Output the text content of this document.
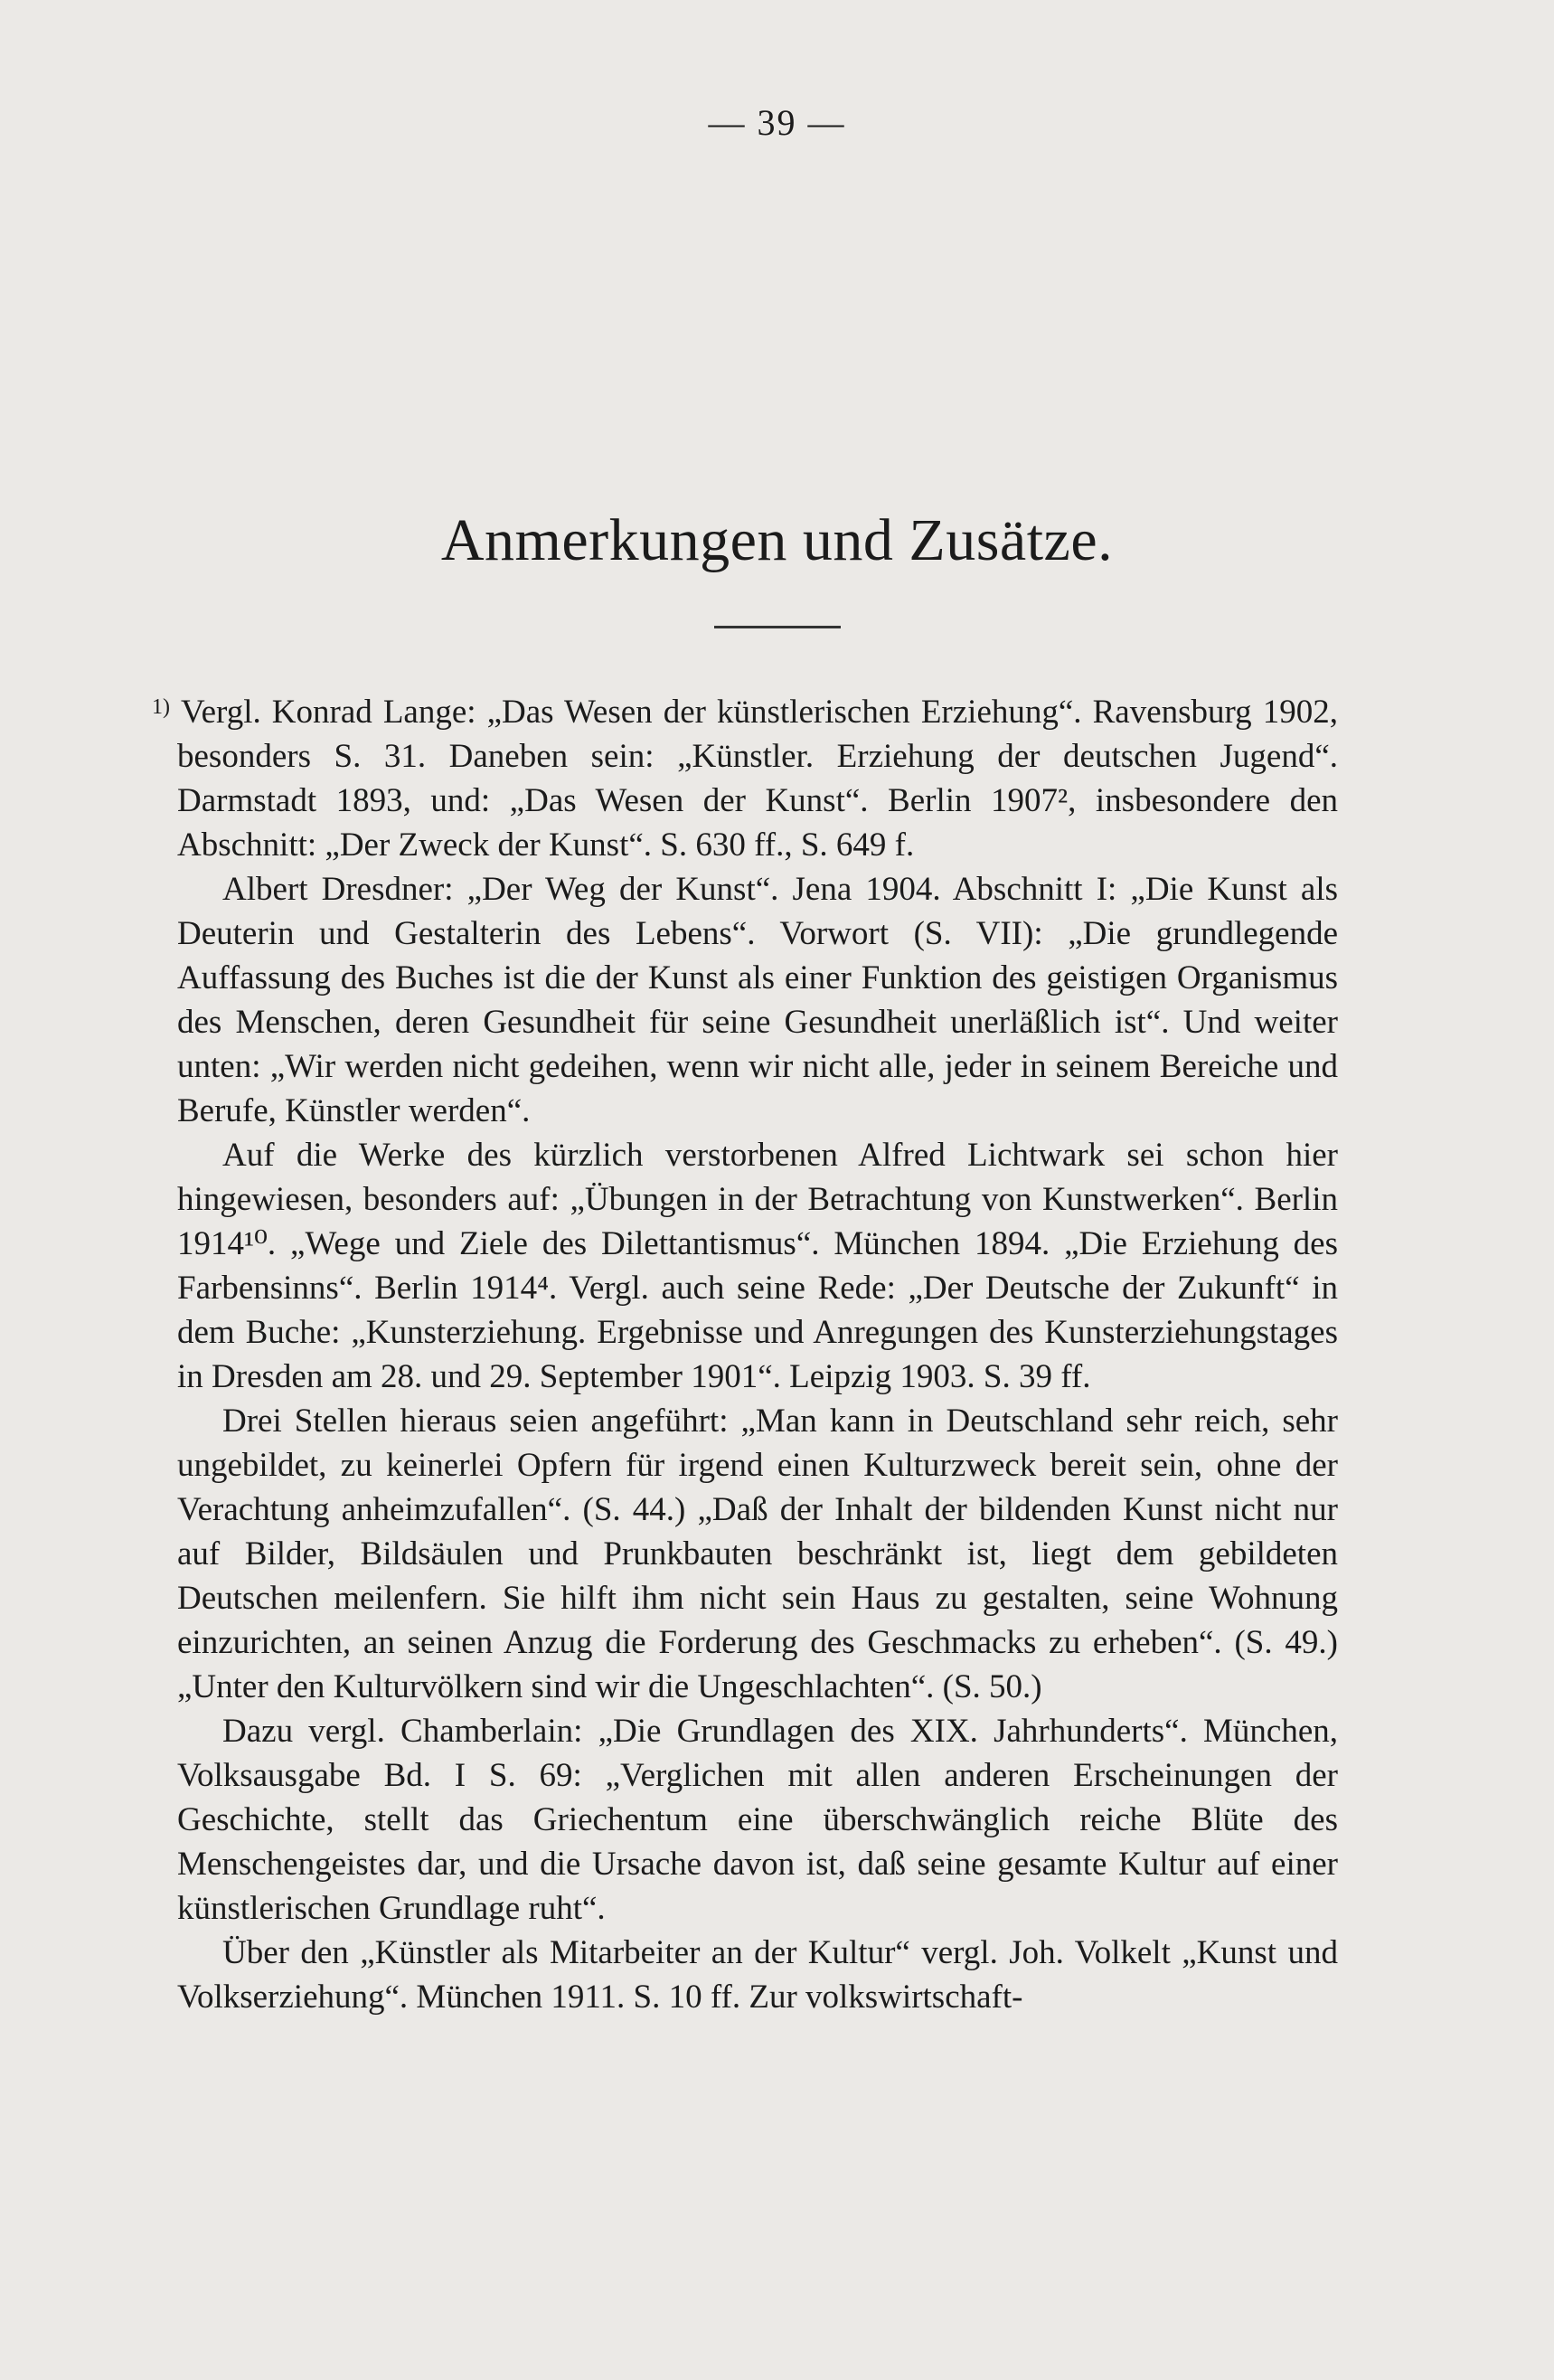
— 39 —
Anmerkungen und Zusätze.

$^{1)}$ Vergl. Konrad Lange: „Das Wesen der künstlerischen Erziehung“. Ravensburg 1902, besonders S. 31. Daneben sein: „Künstler. Erziehung der deutschen Jugend“. Darmstadt 1893, und: „Das Wesen der Kunst“. Berlin 1907², insbesondere den Abschnitt: „Der Zweck der Kunst“. S. 630 ff., S. 649 f.

Albert Dresdner: „Der Weg der Kunst“. Jena 1904. Abschnitt I: „Die Kunst als Deuterin und Gestalterin des Lebens“. Vorwort (S. VII): „Die grundlegende Auffassung des Buches ist die der Kunst als einer Funktion des geistigen Organismus des Menschen, deren Gesundheit für seine Gesundheit unerläßlich ist“. Und weiter unten: „Wir werden nicht gedeihen, wenn wir nicht alle, jeder in seinem Bereiche und Berufe, Künstler werden“.

Auf die Werke des kürzlich verstorbenen Alfred Lichtwark sei schon hier hingewiesen, besonders auf: „Übungen in der Betrachtung von Kunstwerken“. Berlin 1914¹⁰. „Wege und Ziele des Dilettantismus“. München 1894. „Die Erziehung des Farbensinns“. Berlin 1914⁴. Vergl. auch seine Rede: „Der Deutsche der Zukunft“ in dem Buche: „Kunsterziehung. Ergebnisse und Anregungen des Kunsterziehungstages in Dresden am 28. und 29. September 1901“. Leipzig 1903. S. 39 ff.

Drei Stellen hieraus seien angeführt: „Man kann in Deutschland sehr reich, sehr ungebildet, zu keinerlei Opfern für irgend einen Kulturzweck bereit sein, ohne der Verachtung anheimzufallen“. (S. 44.) „Daß der Inhalt der bildenden Kunst nicht nur auf Bilder, Bildsäulen und Prunkbauten beschränkt ist, liegt dem gebildeten Deutschen meilenfern. Sie hilft ihm nicht sein Haus zu gestalten, seine Wohnung einzurichten, an seinen Anzug die Forderung des Geschmacks zu erheben“. (S. 49.) „Unter den Kulturvölkern sind wir die Ungeschlachten“. (S. 50.)

Dazu vergl. Chamberlain: „Die Grundlagen des XIX. Jahrhunderts“. München, Volksausgabe Bd. I S. 69: „Verglichen mit allen anderen Erscheinungen der Geschichte, stellt das Griechentum eine überschwänglich reiche Blüte des Menschengeistes dar, und die Ursache davon ist, daß seine gesamte Kultur auf einer künstlerischen Grundlage ruht“.

Über den „Künstler als Mitarbeiter an der Kultur“ vergl. Joh. Volkelt „Kunst und Volkserziehung“. München 1911. S. 10 ff. Zur volkswirtschaft-
